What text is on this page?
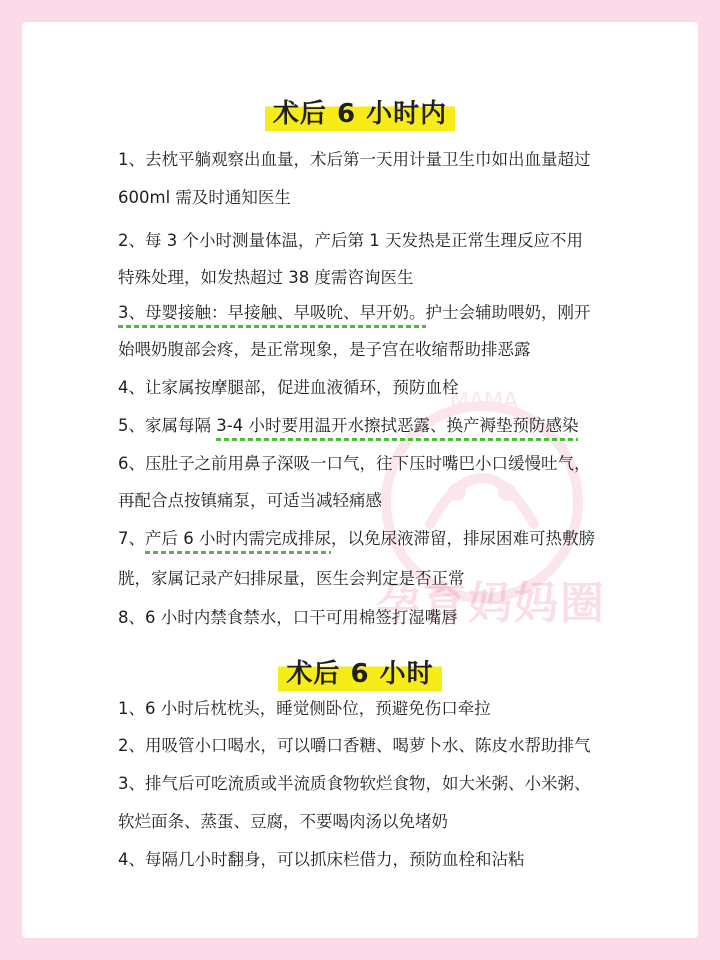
MAMA
孕育妈妈圈
术后 6 小时内
1、去枕平躺观察出血量，术后第一天用计量卫生巾如出血量超过
600ml 需及时通知医生
2、每 3 个小时测量体温，产后第 1 天发热是正常生理反应不用
特殊处理，如发热超过 38 度需咨询医生
3、母婴接触：早接触、早吸吮、早开奶。护士会辅助喂奶，刚开
始喂奶腹部会疼，是正常现象，是子宫在收缩帮助排恶露
4、让家属按摩腿部，促进血液循环，预防血栓
5、家属每隔 3-4 小时要用温开水擦拭恶露、换产褥垫预防感染
6、压肚子之前用鼻子深吸一口气，往下压时嘴巴小口缓慢吐气，
再配合点按镇痛泵，可适当减轻痛感
7、产后 6 小时内需完成排尿，以免尿液滞留，排尿困难可热敷膀
胱，家属记录产妇排尿量，医生会判定是否正常
8、6 小时内禁食禁水，口干可用棉签打湿嘴唇
术后 6 小时
1、6 小时后枕枕头，睡觉侧卧位，预避免伤口牵拉
2、用吸管小口喝水，可以嚼口香糖、喝萝卜水、陈皮水帮助排气
3、排气后可吃流质或半流质食物软烂食物，如大米粥、小米粥、
软烂面条、蒸蛋、豆腐，不要喝肉汤以免堵奶
4、每隔几小时翻身，可以抓床栏借力，预防血栓和沾粘
